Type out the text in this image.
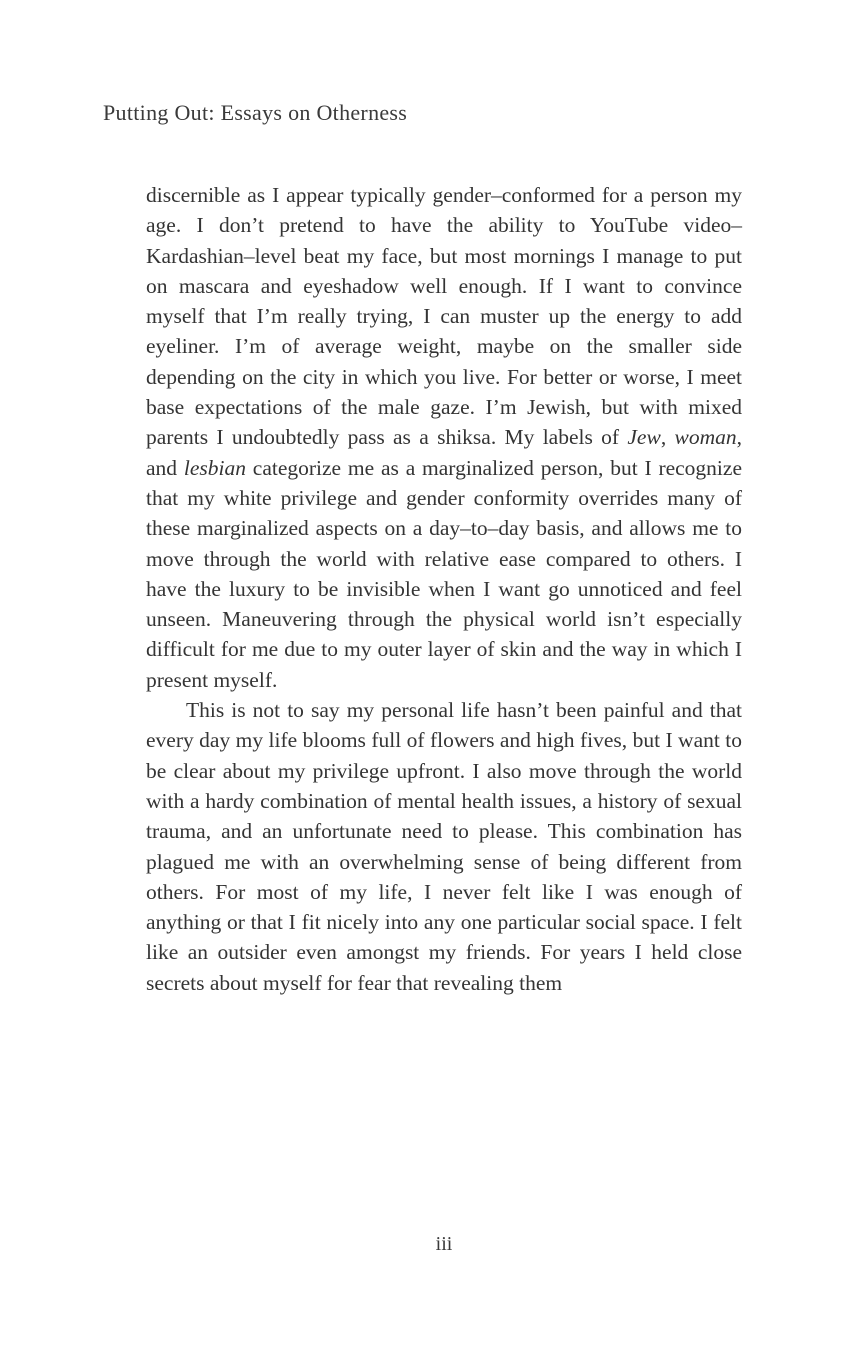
Putting Out: Essays on Otherness

discernible as I appear typically gender–conformed for a person my age. I don’t pretend to have the ability to YouTube video–Kardashian–level beat my face, but most mornings I manage to put on mascara and eyeshadow well enough. If I want to convince myself that I’m really trying, I can muster up the energy to add eyeliner. I’m of average weight, maybe on the smaller side depending on the city in which you live. For better or worse, I meet base expectations of the male gaze. I’m Jewish, but with mixed parents I undoubtedly pass as a shiksa. My labels of Jew, woman, and lesbian categorize me as a marginalized person, but I recognize that my white privilege and gender conformity overrides many of these marginalized aspects on a day–to–day basis, and allows me to move through the world with relative ease compared to others. I have the luxury to be invisible when I want go unnoticed and feel unseen. Maneuvering through the physical world isn’t especially difficult for me due to my outer layer of skin and the way in which I present myself.

This is not to say my personal life hasn’t been painful and that every day my life blooms full of flowers and high fives, but I want to be clear about my privilege upfront. I also move through the world with a hardy combination of mental health issues, a history of sexual trauma, and an unfortunate need to please. This combination has plagued me with an overwhelming sense of being different from others. For most of my life, I never felt like I was enough of anything or that I fit nicely into any one particular social space. I felt like an outsider even amongst my friends. For years I held close secrets about myself for fear that revealing them

iii
